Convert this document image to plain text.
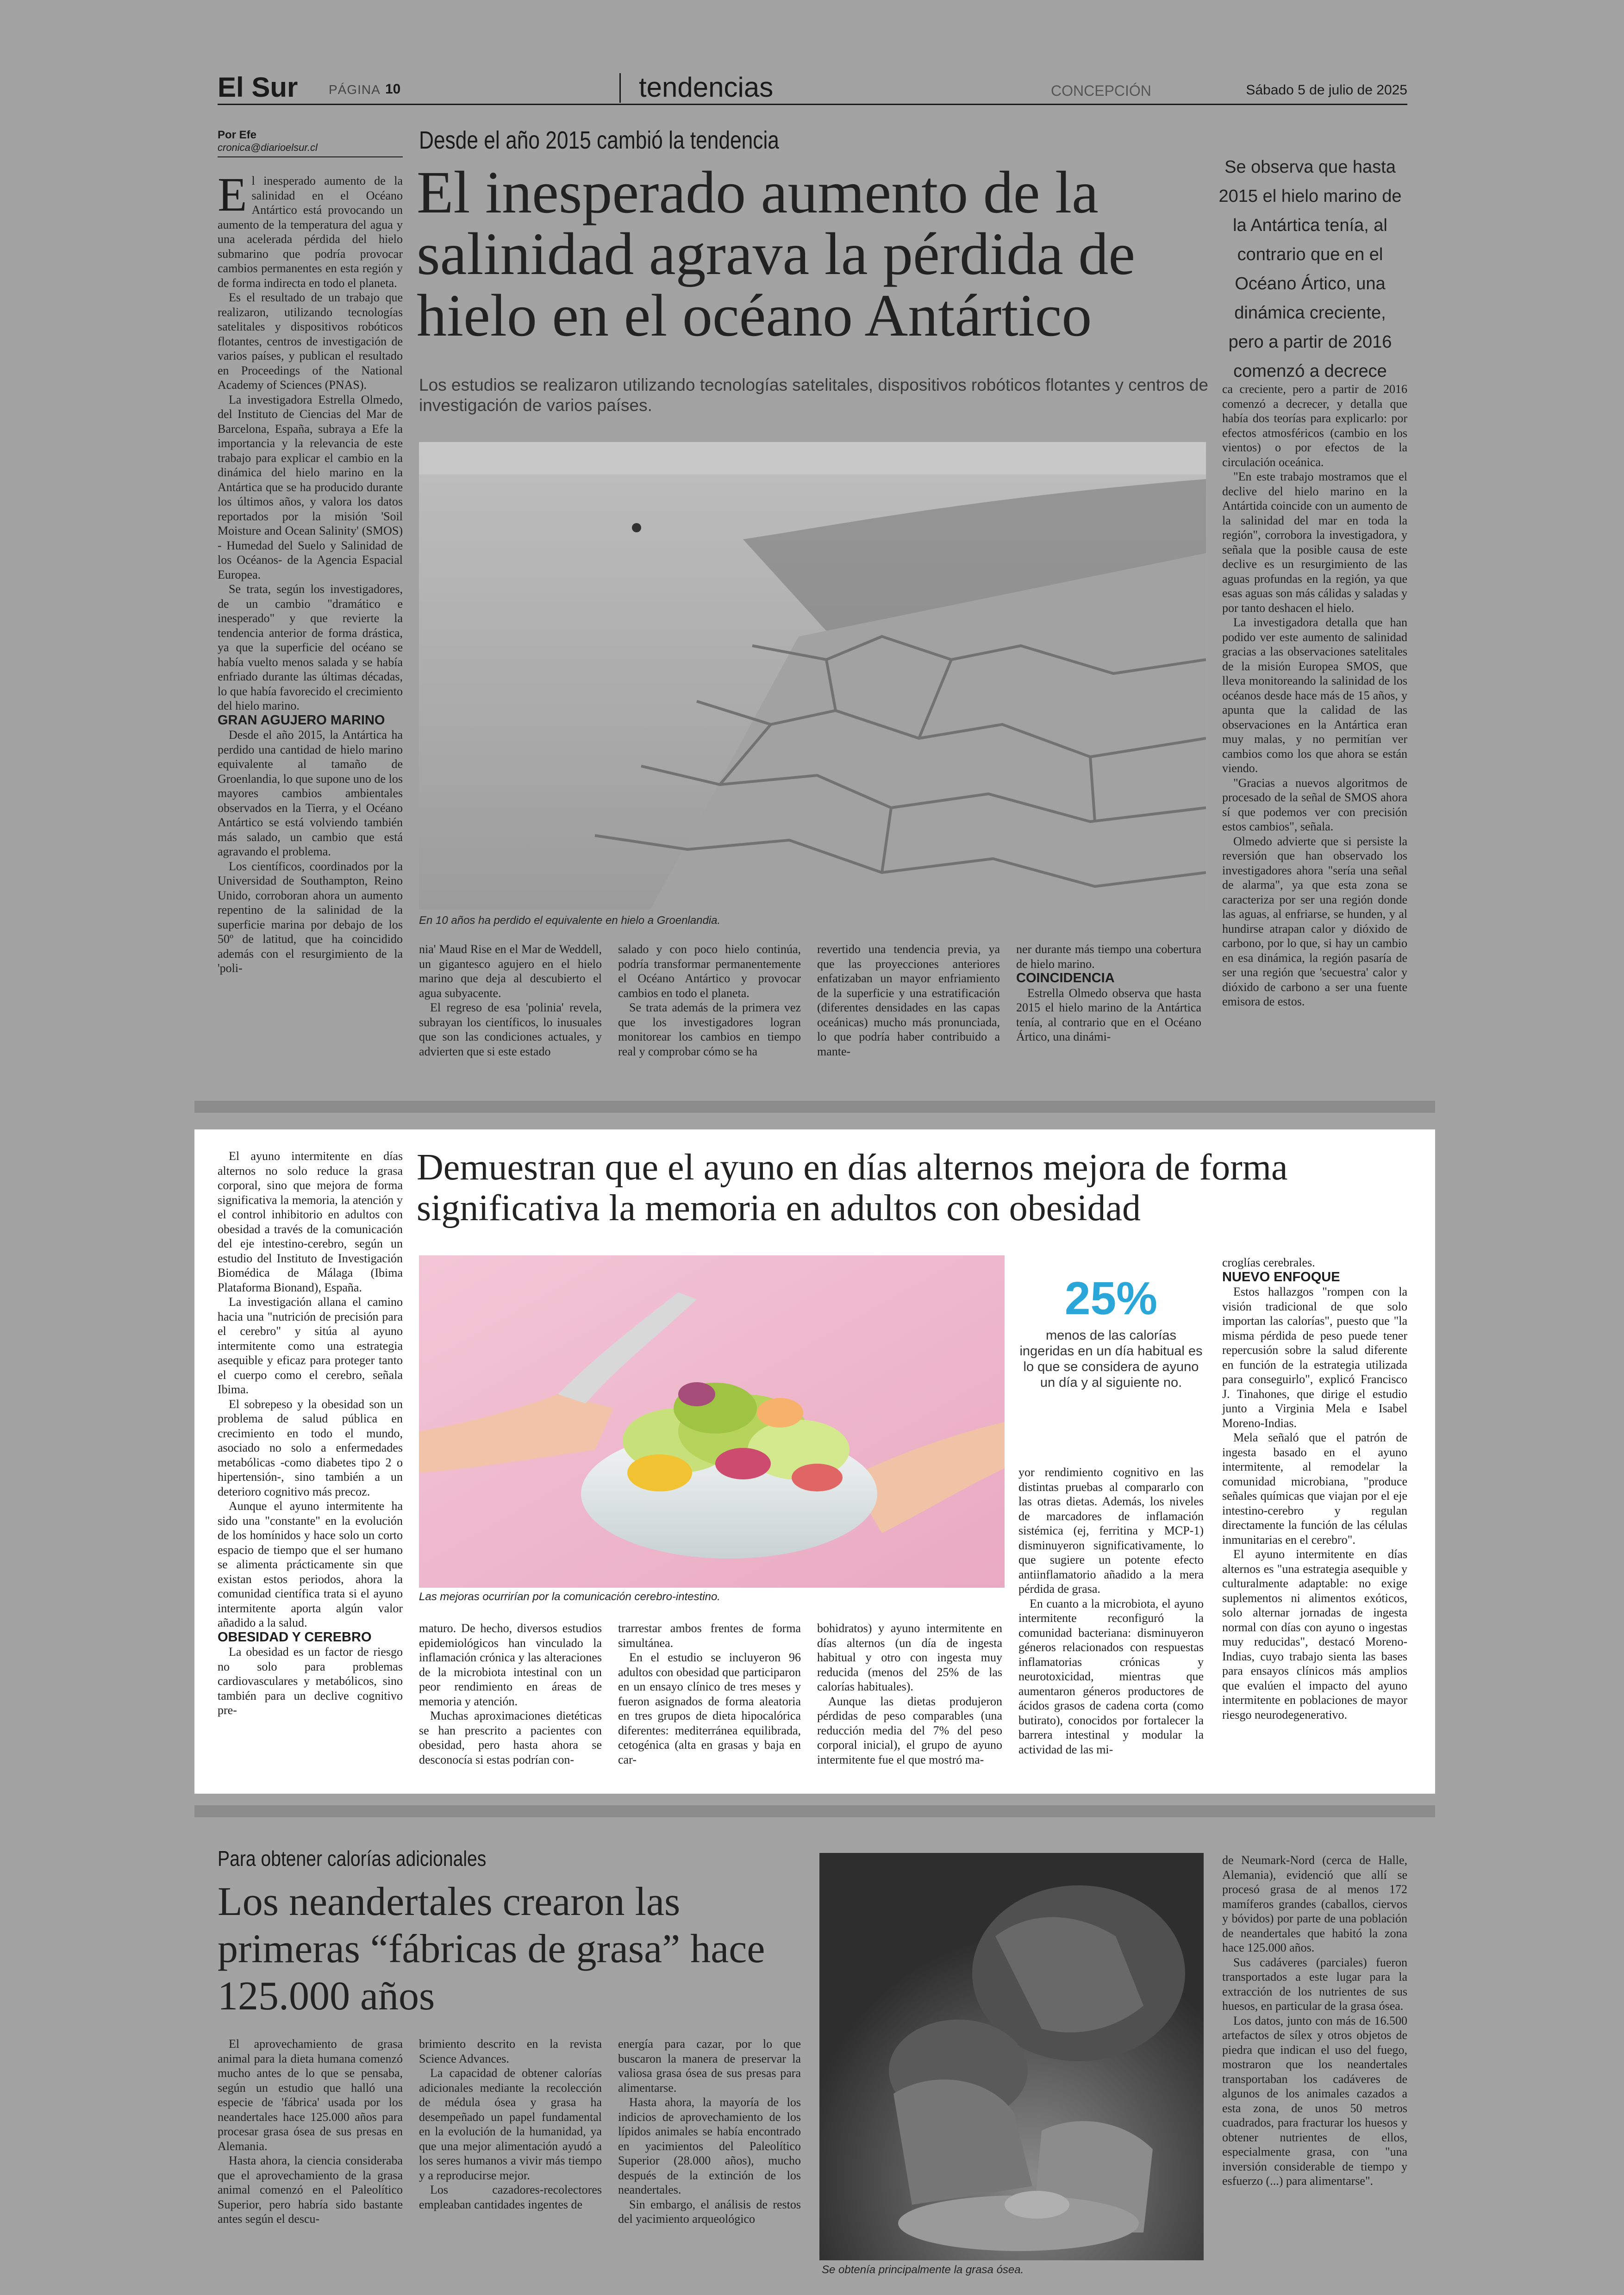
El Sur PÁGINA 10	tendencias	CONCEPCIÓN	Sábado 5 de julio de 2025
Por Efe
cronica@diarioelsur.cl	Desde el año 2015 cambió la tendencia
El inesperado aumento de la salinidad agrava la pérdida de hielo en el océano Antártico
Se observa que hasta 2015 el hielo marino de la Antártica tenía, al contrario que en el Océano Ártico, una dinámica creciente, pero a partir de 2016 comenzó a decrece
Los estudios se realizaron utilizando tecnologías satelitales, dispositivos robóticos flotantes y centros de investigación de varios países.
En 10 años ha perdido el equivalente en hielo a Groenlandia.

El inesperado aumento de la salinidad en el Océano Antártico está provocando un aumento de la temperatura del agua y una acelerada pérdida del hielo submarino que podría provocar cambios permanentes en esta región y de forma indirecta en todo el planeta.

Es el resultado de un trabajo que realizaron, utilizando tecnologías satelitales y dispositivos robóticos flotantes, centros de investigación de varios países, y publican el resultado en Proceedings of the National Academy of Sciences (PNAS).

La investigadora Estrella Olmedo, del Instituto de Ciencias del Mar de Barcelona, España, subraya a Efe la importancia y la relevancia de este trabajo para explicar el cambio en la dinámica del hielo marino en la Antártica que se ha producido durante los últimos años, y valora los datos reportados por la misión 'Soil Moisture and Ocean Salinity' (SMOS) - Humedad del Suelo y Salinidad de los Océanos- de la Agencia Espacial Europea.

Se trata, según los investigadores, de un cambio "dramático e inesperado" y que revierte la tendencia anterior de forma drástica, ya que la superficie del océano se había vuelto menos salada y se había enfriado durante las últimas décadas, lo que había favorecido el crecimiento del hielo marino.

GRAN AGUJERO MARINO

Desde el año 2015, la Antártica ha perdido una cantidad de hielo marino equivalente al tamaño de Groenlandia, lo que supone uno de los mayores cambios ambientales observados en la Tierra, y el Océano Antártico se está volviendo también más salado, un cambio que está agravando el problema.

Los científicos, coordinados por la Universidad de Southampton, Reino Unido, corroboran ahora un aumento repentino de la salinidad de la superficie marina por debajo de los 50º de latitud, que ha coincidido además con el resurgimiento de la 'poli-

nia' Maud Rise en el Mar de Weddell, un gigantesco agujero en el hielo marino que deja al descubierto el agua subyacente.

El regreso de esa 'polinia' revela, subrayan los científicos, lo inusuales que son las condiciones actuales, y advierten que si este estado

salado y con poco hielo continúa, podría transformar permanentemente el Océano Antártico y provocar cambios en todo el planeta.

Se trata además de la primera vez que los investigadores logran monitorear los cambios en tiempo real y comprobar cómo se ha

revertido una tendencia previa, ya que las proyecciones anteriores enfatizaban un mayor enfriamiento de la superficie y una estratificación (diferentes densidades en las capas oceánicas) mucho más pronunciada, lo que podría haber contribuido a mante-

ner durante más tiempo una cobertura de hielo marino.

COINCIDENCIA

Estrella Olmedo observa que hasta 2015 el hielo marino de la Antártica tenía, al contrario que en el Océano Ártico, una dinámi-

ca creciente, pero a partir de 2016 comenzó a decrecer, y detalla que había dos teorías para explicarlo: por efectos atmosféricos (cambio en los vientos) o por efectos de la circulación oceánica.

"En este trabajo mostramos que el declive del hielo marino en la Antártida coincide con un aumento de la salinidad del mar en toda la región", corrobora la investigadora, y señala que la posible causa de este declive es un resurgimiento de las aguas profundas en la región, ya que esas aguas son más cálidas y saladas y por tanto deshacen el hielo.

La investigadora detalla que han podido ver este aumento de salinidad gracias a las observaciones satelitales de la misión Europea SMOS, que lleva monitoreando la salinidad de los océanos desde hace más de 15 años, y apunta que la calidad de las observaciones en la Antártica eran muy malas, y no permitían ver cambios como los que ahora se están viendo.

"Gracias a nuevos algoritmos de procesado de la señal de SMOS ahora sí que podemos ver con precisión estos cambios", señala.

Olmedo advierte que si persiste la reversión que han observado los investigadores ahora "sería una señal de alarma", ya que esta zona se caracteriza por ser una región donde las aguas, al enfriarse, se hunden, y al hundirse atrapan calor y dióxido de carbono, por lo que, si hay un cambio en esa dinámica, la región pasaría de ser una región que 'secuestra' calor y dióxido de carbono a ser una fuente emisora de estos.

Demuestran que el ayuno en días alternos mejora de forma significativa la memoria en adultos con obesidad

El ayuno intermitente en días alternos no solo reduce la grasa corporal, sino que mejora de forma significativa la memoria, la atención y el control inhibitorio en adultos con obesidad a través de la comunicación del eje intestino-cerebro, según un estudio del Instituto de Investigación Biomédica de Málaga (Ibima Plataforma Bionand), España.

La investigación allana el camino hacia una "nutrición de precisión para el cerebro" y sitúa al ayuno intermitente como una estrategia asequible y eficaz para proteger tanto el cuerpo como el cerebro, señala Ibima.

El sobrepeso y la obesidad son un problema de salud pública en crecimiento en todo el mundo, asociado no solo a enfermedades metabólicas -como diabetes tipo 2 o hipertensión-, sino también a un deterioro cognitivo más precoz.

Aunque el ayuno intermitente ha sido una "constante" en la evolución de los homínidos y hace solo un corto espacio de tiempo que el ser humano se alimenta prácticamente sin que existan estos periodos, ahora la comunidad científica trata si el ayuno intermitente aporta algún valor añadido a la salud.

OBESIDAD Y CEREBRO

La obesidad es un factor de riesgo no solo para problemas cardiovasculares y metabólicos, sino también para un declive cognitivo pre-

Las mejoras ocurrirían por la comunicación cerebro-intestino.
25%
menos de las calorías ingeridas en un día habitual es lo que se considera de ayuno un día y al siguiente no.

maturo. De hecho, diversos estudios epidemiológicos han vinculado la inflamación crónica y las alteraciones de la microbiota intestinal con un peor rendimiento en áreas de memoria y atención.

Muchas aproximaciones dietéticas se han prescrito a pacientes con obesidad, pero hasta ahora se desconocía si estas podrían con-

trarrestar ambos frentes de forma simultánea.

En el estudio se incluyeron 96 adultos con obesidad que participaron en un ensayo clínico de tres meses y fueron asignados de forma aleatoria en tres grupos de dieta hipocalórica diferentes: mediterránea equilibrada, cetogénica (alta en grasas y baja en car-

bohidratos) y ayuno intermitente en días alternos (un día de ingesta habitual y otro con ingesta muy reducida (menos del 25% de las calorías habituales).

Aunque las dietas produjeron pérdidas de peso comparables (una reducción media del 7% del peso corporal inicial), el grupo de ayuno intermitente fue el que mostró ma-

yor rendimiento cognitivo en las distintas pruebas al compararlo con las otras dietas. Además, los niveles de marcadores de inflamación sistémica (ej, ferritina y MCP-1) disminuyeron significativamente, lo que sugiere un potente efecto antiinflamatorio añadido a la mera pérdida de grasa.

En cuanto a la microbiota, el ayuno intermitente reconfiguró la comunidad bacteriana: disminuyeron géneros relacionados con respuestas inflamatorias crónicas y neurotoxicidad, mientras que aumentaron géneros productores de ácidos grasos de cadena corta (como butirato), conocidos por fortalecer la barrera intestinal y modular la actividad de las mi-

croglías cerebrales.

NUEVO ENFOQUE

Estos hallazgos "rompen con la visión tradicional de que solo importan las calorías", puesto que "la misma pérdida de peso puede tener repercusión sobre la salud diferente en función de la estrategia utilizada para conseguirlo", explicó Francisco J. Tinahones, que dirige el estudio junto a Virginia Mela e Isabel Moreno-Indias.

Mela señaló que el patrón de ingesta basado en el ayuno intermitente, al remodelar la comunidad microbiana, "produce señales químicas que viajan por el eje intestino-cerebro y regulan directamente la función de las células inmunitarias en el cerebro".

El ayuno intermitente en días alternos es "una estrategia asequible y culturalmente adaptable: no exige suplementos ni alimentos exóticos, solo alternar jornadas de ingesta normal con días con ayuno o ingestas muy reducidas", destacó Moreno-Indias, cuyo trabajo sienta las bases para ensayos clínicos más amplios que evalúen el impacto del ayuno intermitente en poblaciones de mayor riesgo neurodegenerativo.

Para obtener calorías adicionales
Los neandertales crearon las primeras “fábricas de grasa” hace 125.000 años

El aprovechamiento de grasa animal para la dieta humana comenzó mucho antes de lo que se pensaba, según un estudio que halló una especie de 'fábrica' usada por los neandertales hace 125.000 años para procesar grasa ósea de sus presas en Alemania.

Hasta ahora, la ciencia consideraba que el aprovechamiento de la grasa animal comenzó en el Paleolítico Superior, pero habría sido bastante antes según el descu-

brimiento descrito en la revista Science Advances.

La capacidad de obtener calorías adicionales mediante la recolección de médula ósea y grasa ha desempeñado un papel fundamental en la evolución de la humanidad, ya que una mejor alimentación ayudó a los seres humanos a vivir más tiempo y a reproducirse mejor.

Los cazadores-recolectores empleaban cantidades ingentes de

energía para cazar, por lo que buscaron la manera de preservar la valiosa grasa ósea de sus presas para alimentarse.

Hasta ahora, la mayoría de los indicios de aprovechamiento de los lípidos animales se había encontrado en yacimientos del Paleolítico Superior (28.000 años), mucho después de la extinción de los neandertales.

Sin embargo, el análisis de restos del yacimiento arqueológico

Se obtenía principalmente la grasa ósea.

de Neumark-Nord (cerca de Halle, Alemania), evidenció que allí se procesó grasa de al menos 172 mamíferos grandes (caballos, ciervos y bóvidos) por parte de una población de neandertales que habitó la zona hace 125.000 años.

Sus cadáveres (parciales) fueron transportados a este lugar para la extracción de los nutrientes de sus huesos, en particular de la grasa ósea.

Los datos, junto con más de 16.500 artefactos de sílex y otros objetos de piedra que indican el uso del fuego, mostraron que los neandertales transportaban los cadáveres de algunos de los animales cazados a esta zona, de unos 50 metros cuadrados, para fracturar los huesos y obtener nutrientes de ellos, especialmente grasa, con "una inversión considerable de tiempo y esfuerzo (...) para alimentarse".
